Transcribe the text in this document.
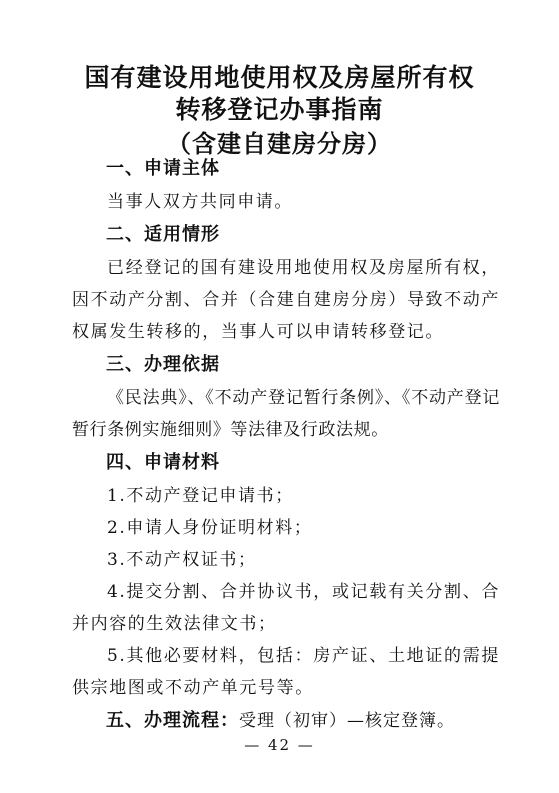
国有建设用地使用权及房屋所有权
转移登记办事指南
（含建自建房分房）
一、申请主体
当事人双方共同申请。
二、适用情形
已经登记的国有建设用地使用权及房屋所有权，因不动产分割、合并（合建自建房分房）导致不动产权属发生转移的，当事人可以申请转移登记。
三、办理依据
《民法典》、《不动产登记暂行条例》、《不动产登记暂行条例实施细则》等法律及行政法规。
四、申请材料
1.不动产登记申请书；
2.申请人身份证明材料；
3.不动产权证书；
4.提交分割、合并协议书，或记载有关分割、合并内容的生效法律文书；
5.其他必要材料，包括：房产证、土地证的需提供宗地图或不动产单元号等。
五、办理流程：受理（初审）—核定登簿。
— 42 —
